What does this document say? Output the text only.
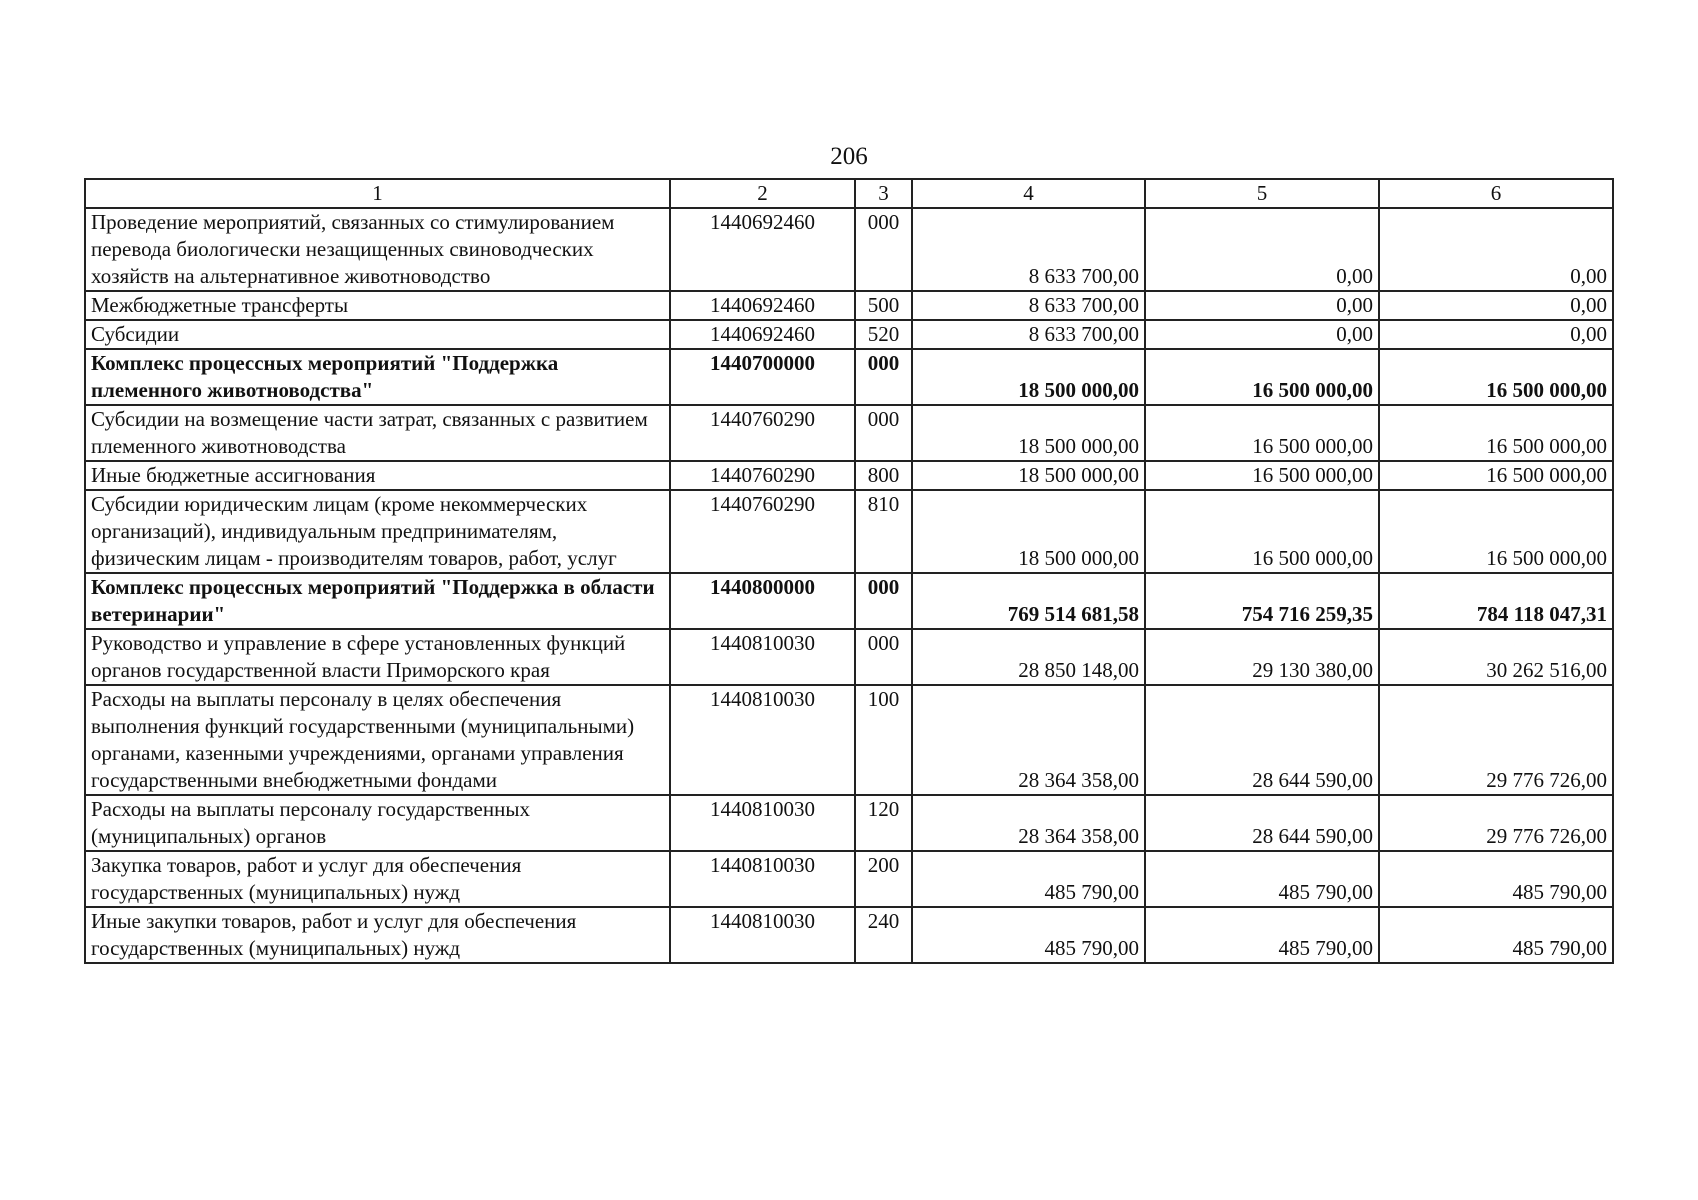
206
1	2	3	4	5	6
Проведение мероприятий, связанных со стимулированием перевода биологически незащищенных свиноводческих хозяйств на альтернативное животноводство	1440692460	000	8 633 700,00	0,00	0,00
Межбюджетные трансферты	1440692460	500	8 633 700,00	0,00	0,00
Субсидии	1440692460	520	8 633 700,00	0,00	0,00
Комплекс процессных мероприятий "Поддержка племенного животноводства"	1440700000	000	18 500 000,00	16 500 000,00	16 500 000,00
Субсидии на возмещение части затрат, связанных с развитием племенного животноводства	1440760290	000	18 500 000,00	16 500 000,00	16 500 000,00
Иные бюджетные ассигнования	1440760290	800	18 500 000,00	16 500 000,00	16 500 000,00
Субсидии юридическим лицам (кроме некоммерческих организаций), индивидуальным предпринимателям, физическим лицам - производителям товаров, работ, услуг	1440760290	810	18 500 000,00	16 500 000,00	16 500 000,00
Комплекс процессных мероприятий "Поддержка в области ветеринарии"	1440800000	000	769 514 681,58	754 716 259,35	784 118 047,31
Руководство и управление в сфере установленных функций органов государственной власти Приморского края	1440810030	000	28 850 148,00	29 130 380,00	30 262 516,00
Расходы на выплаты персоналу в целях обеспечения выполнения функций государственными (муниципальными) органами, казенными учреждениями, органами управления государственными внебюджетными фондами	1440810030	100	28 364 358,00	28 644 590,00	29 776 726,00
Расходы на выплаты персоналу государственных (муниципальных) органов	1440810030	120	28 364 358,00	28 644 590,00	29 776 726,00
Закупка товаров, работ и услуг для обеспечения государственных (муниципальных) нужд	1440810030	200	485 790,00	485 790,00	485 790,00
Иные закупки товаров, работ и услуг для обеспечения государственных (муниципальных) нужд	1440810030	240	485 790,00	485 790,00	485 790,00
